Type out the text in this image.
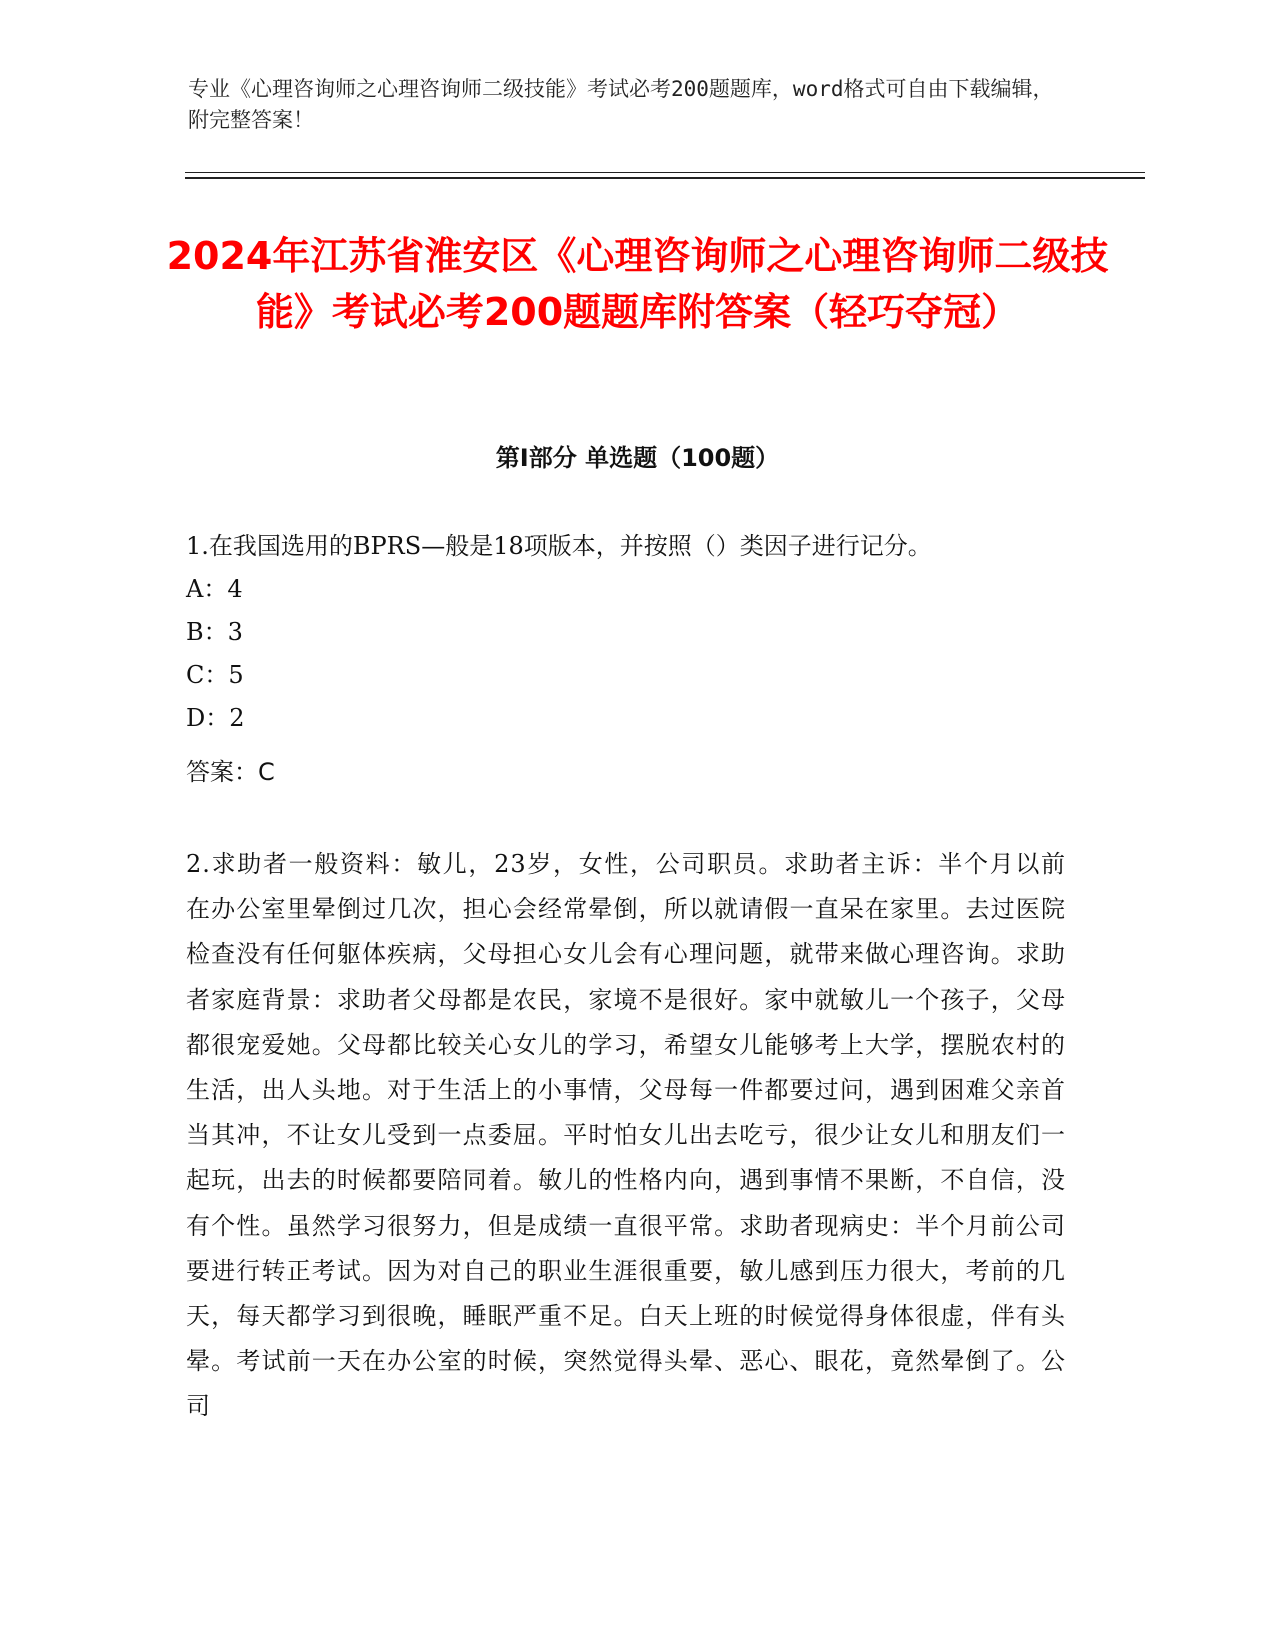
专业《心理咨询师之心理咨询师二级技能》考试必考200题题库，word格式可自由下载编辑，附完整答案！
2024年江苏省淮安区《心理咨询师之心理咨询师二级技能》考试必考200题题库附答案（轻巧夺冠）
第I部分 单选题（100题）
1.在我国选用的BPRS—般是18项版本，并按照（）类因子进行记分。
A：4
B：3
C：5
D：2
答案：C
2.求助者一般资料：敏儿，23岁，女性，公司职员。求助者主诉：半个月以前在办公室里晕倒过几次，担心会经常晕倒，所以就请假一直呆在家里。去过医院检查没有任何躯体疾病，父母担心女儿会有心理问题，就带来做心理咨询。求助者家庭背景：求助者父母都是农民，家境不是很好。家中就敏儿一个孩子，父母都很宠爱她。父母都比较关心女儿的学习，希望女儿能够考上大学，摆脱农村的生活，出人头地。对于生活上的小事情，父母每一件都要过问，遇到困难父亲首当其冲，不让女儿受到一点委屈。平时怕女儿出去吃亏，很少让女儿和朋友们一起玩，出去的时候都要陪同着。敏儿的性格内向，遇到事情不果断，不自信，没有个性。虽然学习很努力，但是成绩一直很平常。求助者现病史：半个月前公司要进行转正考试。因为对自己的职业生涯很重要，敏儿感到压力很大，考前的几天，每天都学习到很晚，睡眠严重不足。白天上班的时候觉得身体很虚，伴有头晕。考试前一天在办公室的时候，突然觉得头晕、恶心、眼花，竟然晕倒了。公司
